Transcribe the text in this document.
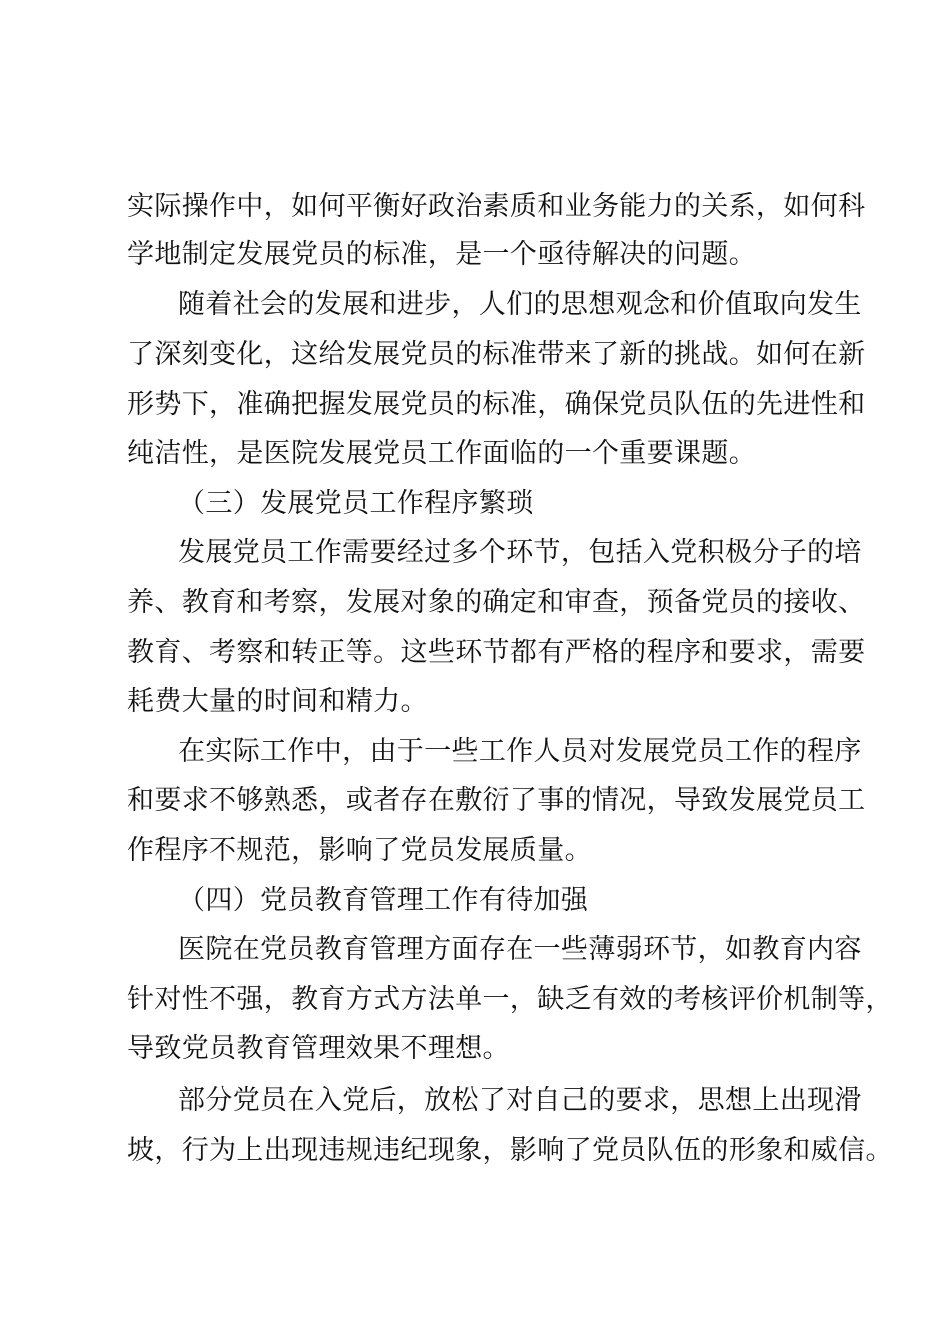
实际操作中，如何平衡好政治素质和业务能力的关系，如何科
学地制定发展党员的标准，是一个亟待解决的问题。
随着社会的发展和进步，人们的思想观念和价值取向发生
了深刻变化，这给发展党员的标准带来了新的挑战。如何在新
形势下，准确把握发展党员的标准，确保党员队伍的先进性和
纯洁性，是医院发展党员工作面临的一个重要课题。
（三）发展党员工作程序繁琐
发展党员工作需要经过多个环节，包括入党积极分子的培
养、教育和考察，发展对象的确定和审查，预备党员的接收、
教育、考察和转正等。这些环节都有严格的程序和要求，需要
耗费大量的时间和精力。
在实际工作中，由于一些工作人员对发展党员工作的程序
和要求不够熟悉，或者存在敷衍了事的情况，导致发展党员工
作程序不规范，影响了党员发展质量。
（四）党员教育管理工作有待加强
医院在党员教育管理方面存在一些薄弱环节，如教育内容
针对性不强，教育方式方法单一，缺乏有效的考核评价机制等，
导致党员教育管理效果不理想。
部分党员在入党后，放松了对自己的要求，思想上出现滑
坡，行为上出现违规违纪现象，影响了党员队伍的形象和威信。
